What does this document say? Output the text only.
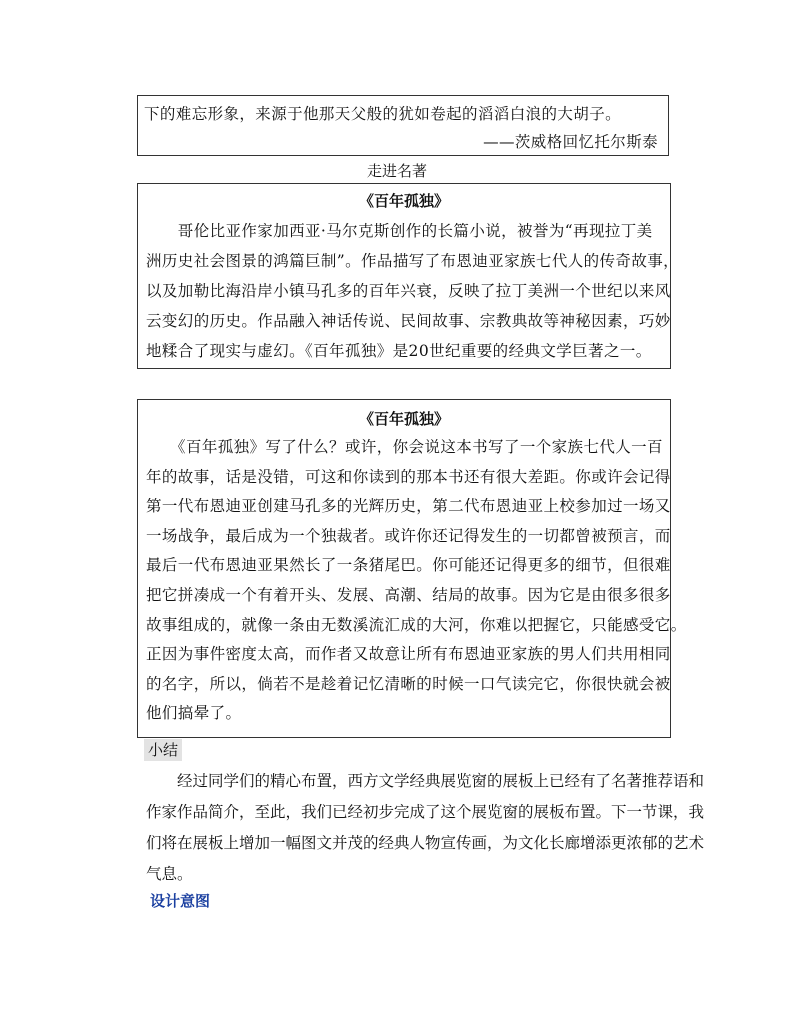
下的难忘形象，来源于他那天父般的犹如卷起的滔滔白浪的大胡子。
——茨威格回忆托尔斯泰
走进名著
《百年孤独》
　　哥伦比亚作家加西亚·马尔克斯创作的长篇小说，被誉为“再现拉丁美
洲历史社会图景的鸿篇巨制”。作品描写了布恩迪亚家族七代人的传奇故事，
以及加勒比海沿岸小镇马孔多的百年兴衰，反映了拉丁美洲一个世纪以来风
云变幻的历史。作品融入神话传说、民间故事、宗教典故等神秘因素，巧妙
地糅合了现实与虚幻。《百年孤独》是20世纪重要的经典文学巨著之一。
《百年孤独》
　　《百年孤独》写了什么？或许，你会说这本书写了一个家族七代人一百
年的故事，话是没错，可这和你读到的那本书还有很大差距。你或许会记得
第一代布恩迪亚创建马孔多的光辉历史，第二代布恩迪亚上校参加过一场又
一场战争，最后成为一个独裁者。或许你还记得发生的一切都曾被预言，而
最后一代布恩迪亚果然长了一条猪尾巴。你可能还记得更多的细节，但很难
把它拼凑成一个有着开头、发展、高潮、结局的故事。因为它是由很多很多
故事组成的，就像一条由无数溪流汇成的大河，你难以把握它，只能感受它。
正因为事件密度太高，而作者又故意让所有布恩迪亚家族的男人们共用相同
的名字，所以，倘若不是趁着记忆清晰的时候一口气读完它，你很快就会被
他们搞晕了。
小结
　　经过同学们的精心布置，西方文学经典展览窗的展板上已经有了名著推荐语和
作家作品简介，至此，我们已经初步完成了这个展览窗的展板布置。下一节课，我
们将在展板上增加一幅图文并茂的经典人物宣传画，为文化长廊增添更浓郁的艺术
气息。
设计意图
